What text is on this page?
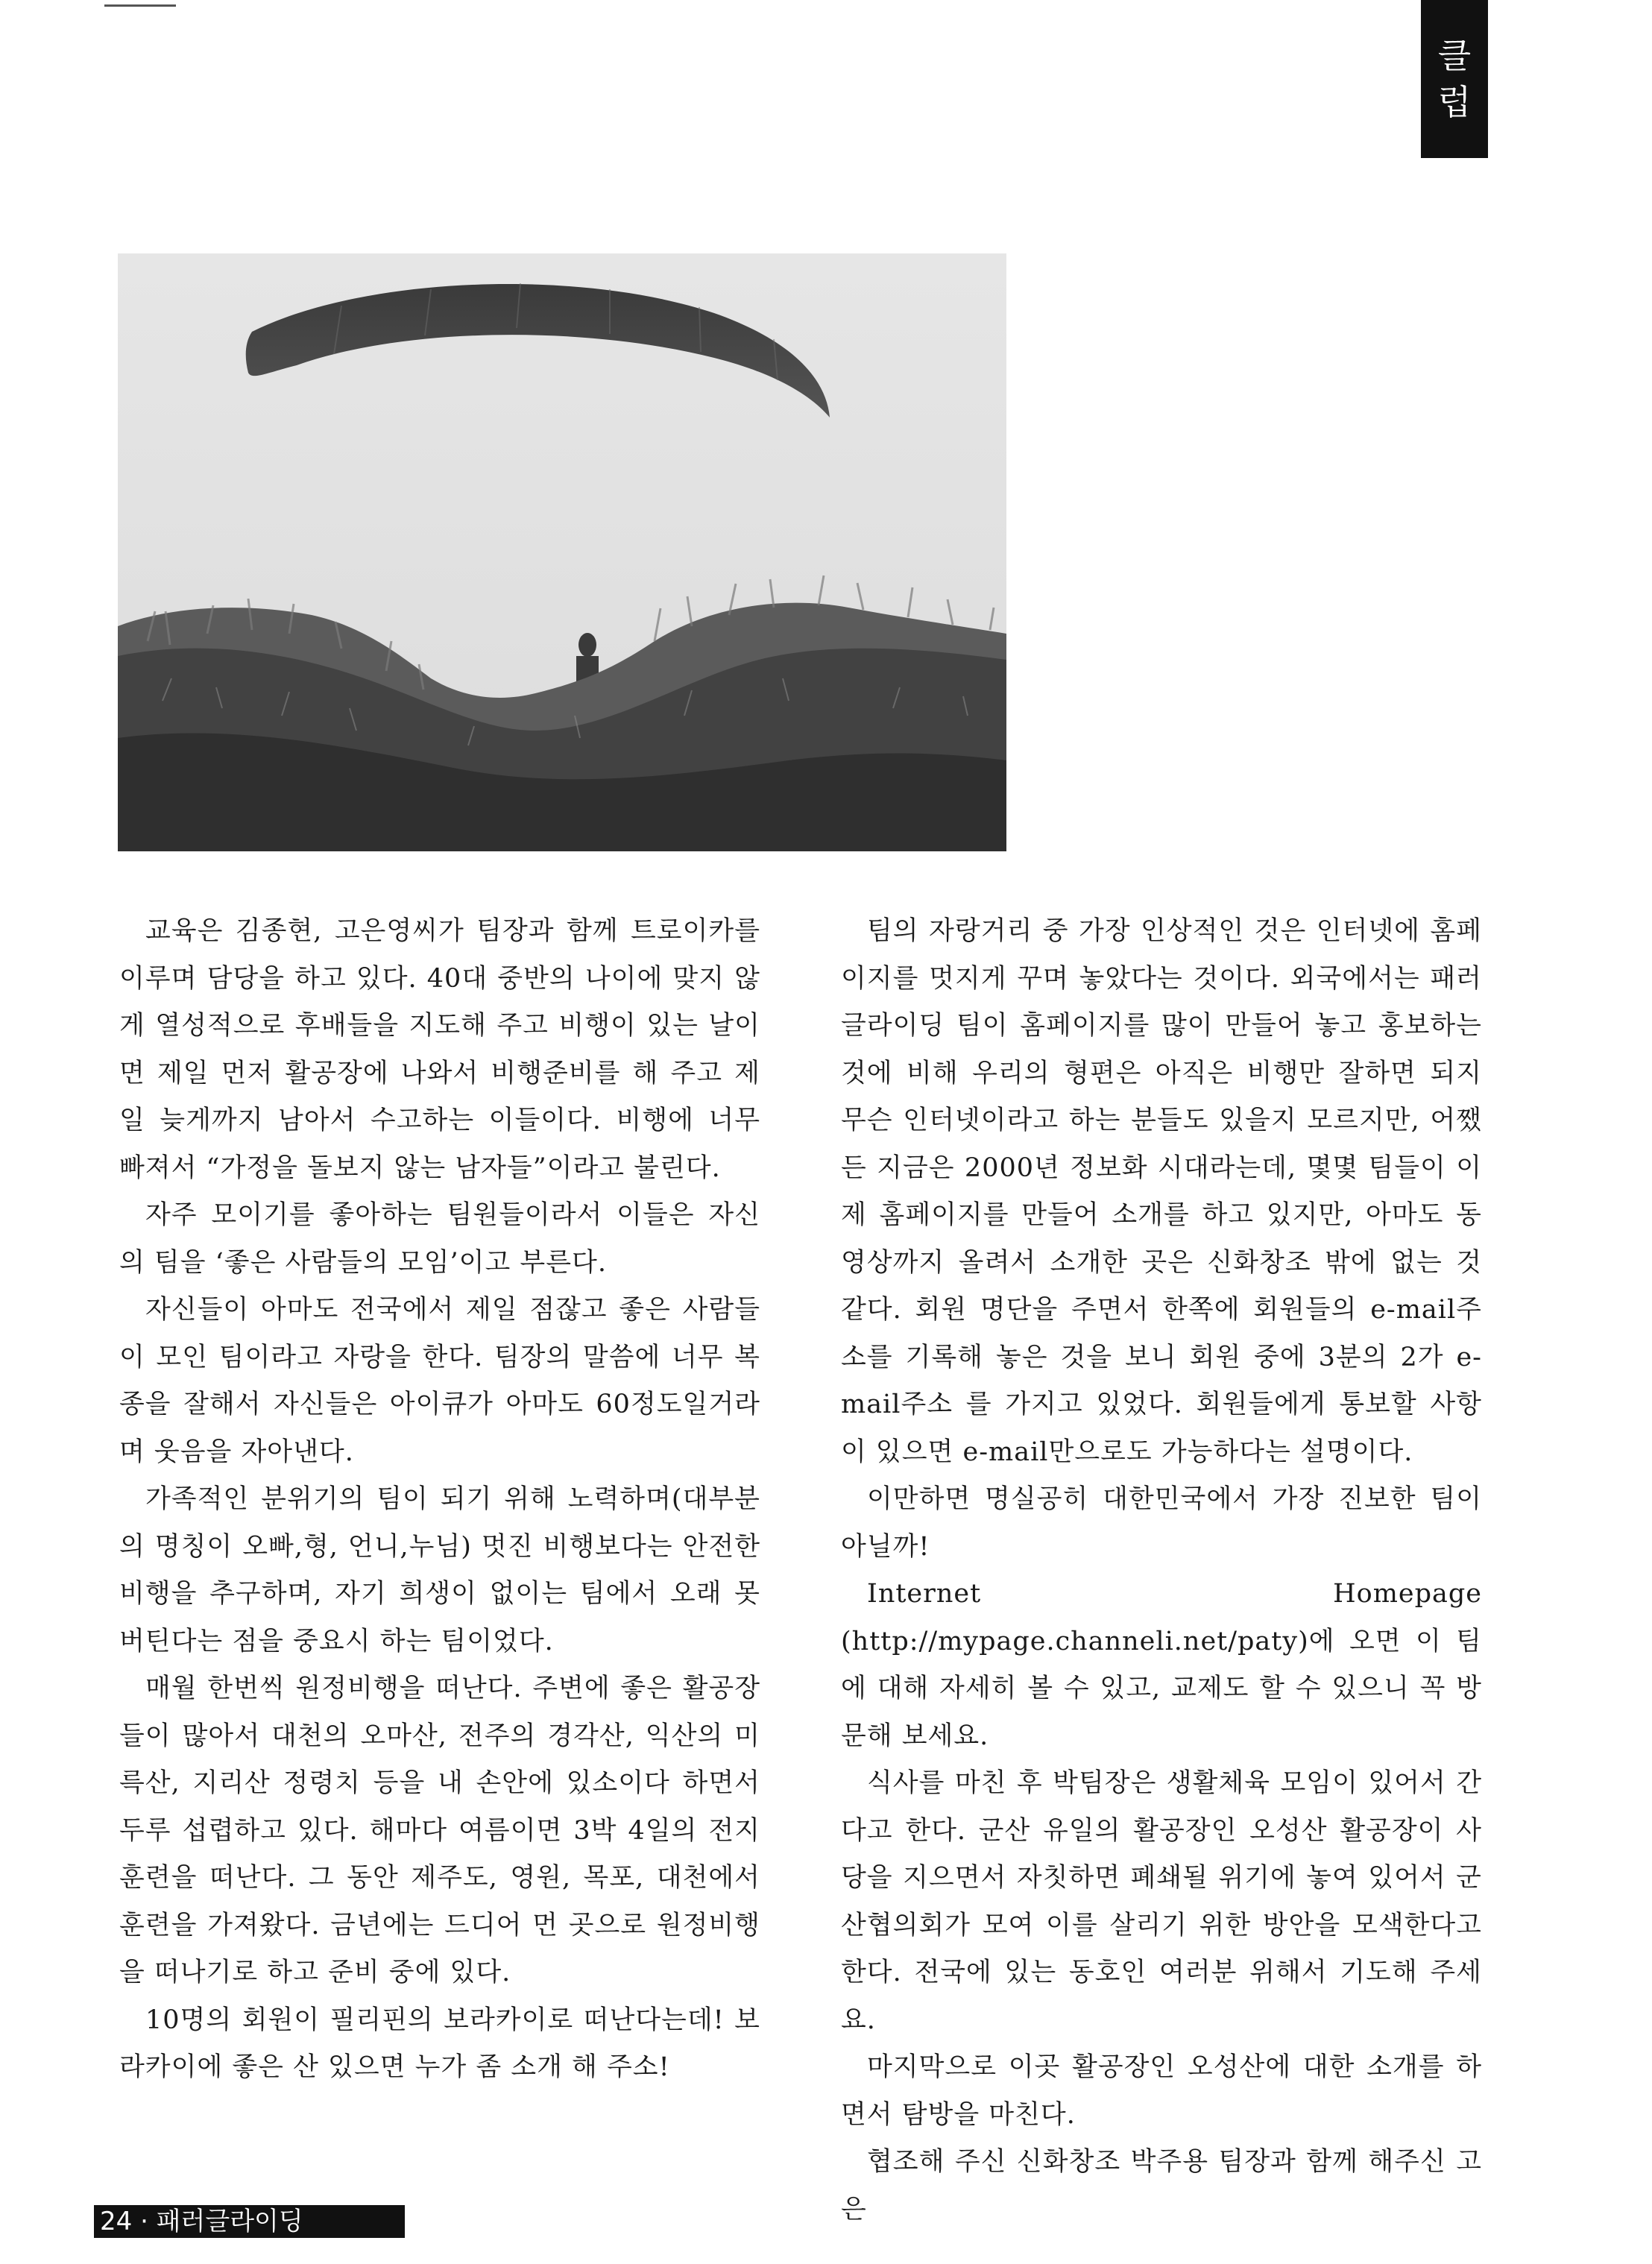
클
럽

교육은 김종현, 고은영씨가 팀장과 함께 트로이카를 이루며 담당을 하고 있다. 40대 중반의 나이에 맞지 않게 열성적으로 후배들을 지도해 주고 비행이 있는 날이면 제일 먼저 활공장에 나와서 비행준비를 해 주고 제일 늦게까지 남아서 수고하는 이들이다. 비행에 너무 빠져서 “가정을 돌보지 않는 남자들”이라고 불린다.

자주 모이기를 좋아하는 팀원들이라서 이들은 자신의 팀을 ‘좋은 사람들의 모임’이고 부른다.

자신들이 아마도 전국에서 제일 점잖고 좋은 사람들이 모인 팀이라고 자랑을 한다. 팀장의 말씀에 너무 복종을 잘해서 자신들은 아이큐가 아마도 60정도일거라며 웃음을 자아낸다.

가족적인 분위기의 팀이 되기 위해 노력하며(대부분의 명칭이 오빠,형, 언니,누님) 멋진 비행보다는 안전한 비행을 추구하며, 자기 희생이 없이는 팀에서 오래 못 버틴다는 점을 중요시 하는 팀이었다.

매월 한번씩 원정비행을 떠난다. 주변에 좋은 활공장들이 많아서 대천의 오마산, 전주의 경각산, 익산의 미륵산, 지리산 정령치 등을 내 손안에 있소이다 하면서 두루 섭렵하고 있다. 해마다 여름이면 3박 4일의 전지훈련을 떠난다. 그 동안 제주도, 영원, 목포, 대천에서 훈련을 가져왔다. 금년에는 드디어 먼 곳으로 원정비행을 떠나기로 하고 준비 중에 있다.

10명의 회원이 필리핀의 보라카이로 떠난다는데! 보라카이에 좋은 산 있으면 누가 좀 소개 해 주소!

팀의 자랑거리 중 가장 인상적인 것은 인터넷에 홈페이지를 멋지게 꾸며 놓았다는 것이다. 외국에서는 패러글라이딩 팀이 홈페이지를 많이 만들어 놓고 홍보하는 것에 비해 우리의 형편은 아직은 비행만 잘하면 되지 무슨 인터넷이라고 하는 분들도 있을지 모르지만, 어쨌든 지금은 2000년 정보화 시대라는데, 몇몇 팀들이 이제 홈페이지를 만들어 소개를 하고 있지만, 아마도 동영상까지 올려서 소개한 곳은 신화창조 밖에 없는 것 같다. 회원 명단을 주면서 한쪽에 회원들의 e-mail주소를 기록해 놓은 것을 보니 회원 중에 3분의 2가 e-mail주소 를 가지고 있었다. 회원들에게 통보할 사항이 있으면 e-mail만으로도 가능하다는 설명이다.

이만하면 명실공히 대한민국에서 가장 진보한 팀이 아닐까!

Internet Homepage (http://mypage.channeli.net/paty)에 오면 이 팀에 대해 자세히 볼 수 있고, 교제도 할 수 있으니 꼭 방문해 보세요.

식사를 마친 후 박팀장은 생활체육 모임이 있어서 간다고 한다. 군산 유일의 활공장인 오성산 활공장이 사당을 지으면서 자칫하면 폐쇄될 위기에 놓여 있어서 군산협의회가 모여 이를 살리기 위한 방안을 모색한다고 한다. 전국에 있는 동호인 여러분 위해서 기도해 주세요.

마지막으로 이곳 활공장인 오성산에 대한 소개를 하면서 탐방을 마친다.

협조해 주신 신화창조 박주용 팀장과 함께 해주신 고은

24 · 패러글라이딩
